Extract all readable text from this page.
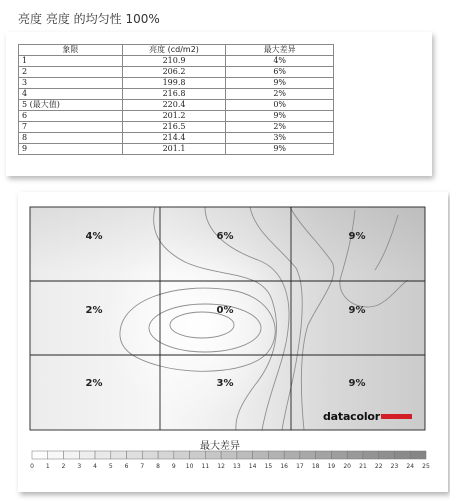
亮度 亮度 的均匀性 100%
象限	亮度 (cd/m2)	最大差异
1	210.9	4%
2	206.2	6%
3	199.8	9%
4	216.8	2%
5 (最大值)	220.4	0%
6	201.2	9%
7	216.5	2%
8	214.4	3%
9	201.1	9%
4%	6%	9%
2%	0%	9%
2%	3%	9%
datacolor
最大差异
0	1	2	3	4	5	6	7	8	9	10	11	12	13	14	15	16	17	18	19	20	21	22	23	24	25
